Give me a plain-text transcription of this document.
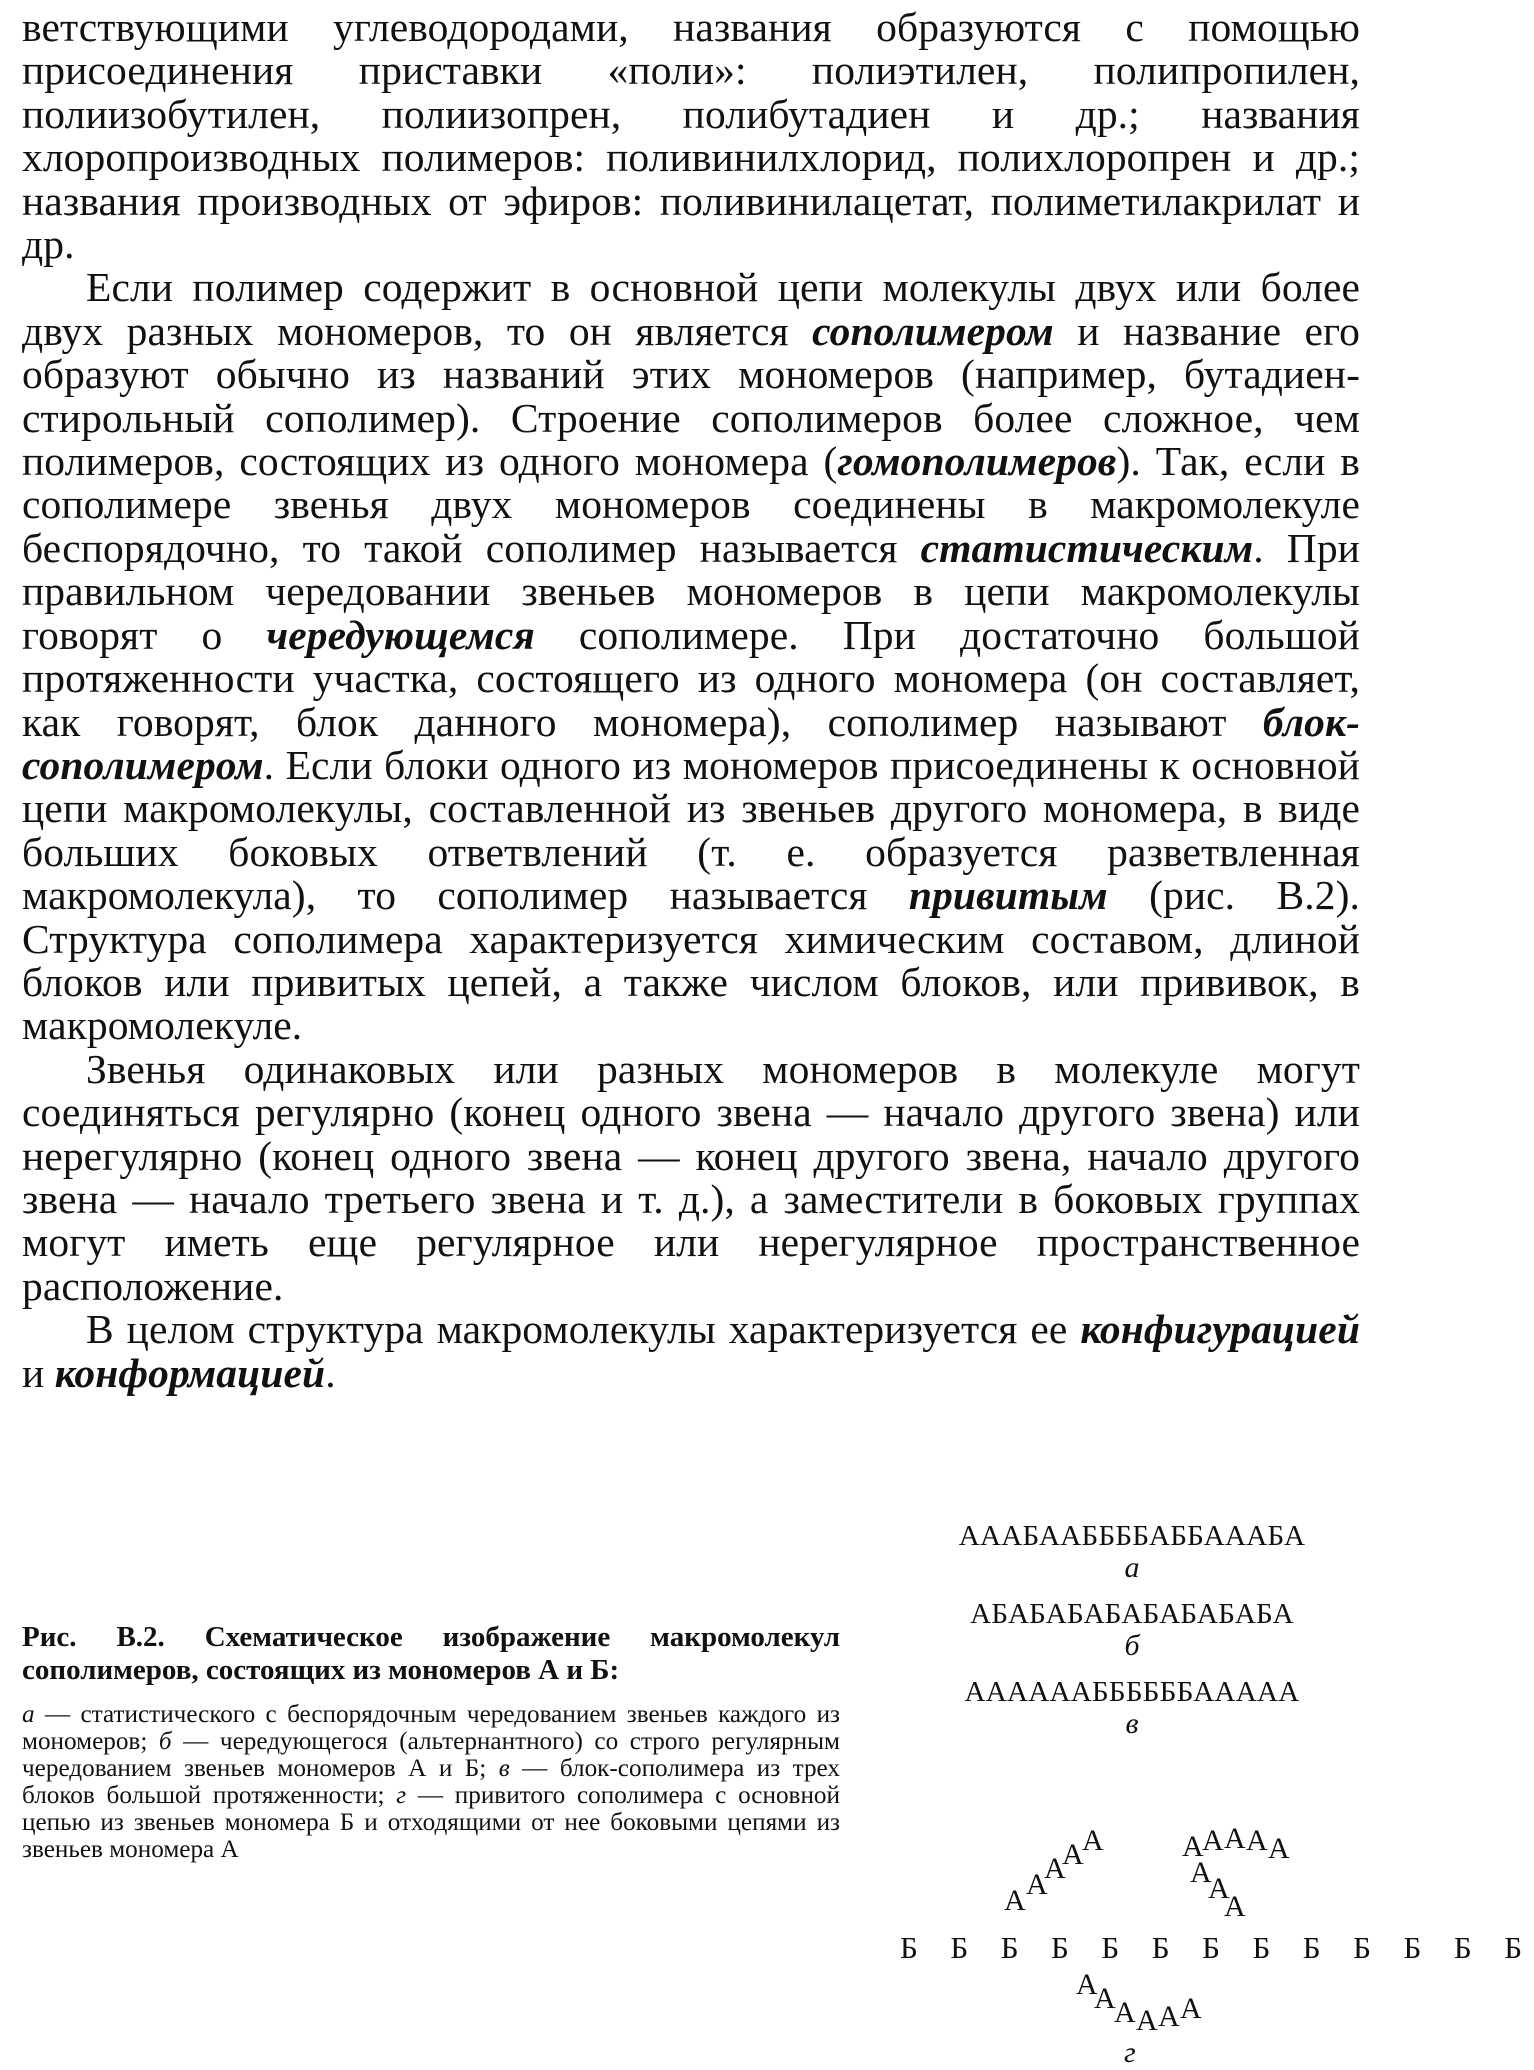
ветствующими углеводородами, названия образуются с помощью присоединения приставки «поли»: полиэтилен, полипропилен, полиизобутилен, полиизопрен, полибутадиен и др.; названия хлоропроизводных полимеров: поливинилхлорид, полихлоропрен и др.; названия производных от эфиров: поливинилацетат, полиметилакрилат и др.

Если полимер содержит в основной цепи молекулы двух или более двух разных мономеров, то он является сополимером и название его образуют обычно из названий этих мономеров (например, бутадиен-стирольный сополимер). Строение сополимеров более сложное, чем полимеров, состоящих из одного мономера (гомополимеров). Так, если в сополимере звенья двух мономеров соединены в макромолекуле беспорядочно, то такой сополимер называется статистическим. При правильном чередовании звеньев мономеров в цепи макромолекулы говорят о чередующемся сополимере. При достаточно большой протяженности участка, состоящего из одного мономера (он составляет, как говорят, блок данного мономера), сополимер называют блок-сополимером. Если блоки одного из мономеров присоединены к основной цепи макромолекулы, составленной из звеньев другого мономера, в виде больших боковых ответвлений (т. е. образуется разветвленная макромолекула), то сополимер называется привитым (рис. В.2). Структура сополимера характеризуется химическим составом, длиной блоков или привитых цепей, а также числом блоков, или прививок, в макромолекуле.

Звенья одинаковых или разных мономеров в молекуле могут соединяться регулярно (конец одного звена — начало другого звена) или нерегулярно (конец одного звена — конец другого звена, начало другого звена — начало третьего звена и т. д.), а заместители в боковых группах могут иметь еще регулярное или нерегулярное пространственное расположение.

В целом структура макромолекулы характеризуется ее конфигурацией и конформацией.

Рис. В.2. Схематическое изображение макромолекул сополимеров, состоящих из мономеров А и Б:

а — статистического с беспорядочным чередованием звеньев каждого из мономеров; б — чередующегося (альтернантного) со строго регулярным чередованием звеньев мономеров А и Б; в — блок-сополимера из трех блоков большой протяженности; г — привитого сополимера с основной цепью из звеньев мономера Б и отходящими от нее боковыми цепями из звеньев мономера А

АААБААББББАББАААБА
а
АБАБАБАБАБАБАБАБА
б
ААААААББББББААААА
в
А А
А
А
А	А
А А А А
А
А
А
Б Б Б Б Б Б Б Б Б Б Б Б Б
А
А
А А А А
г
